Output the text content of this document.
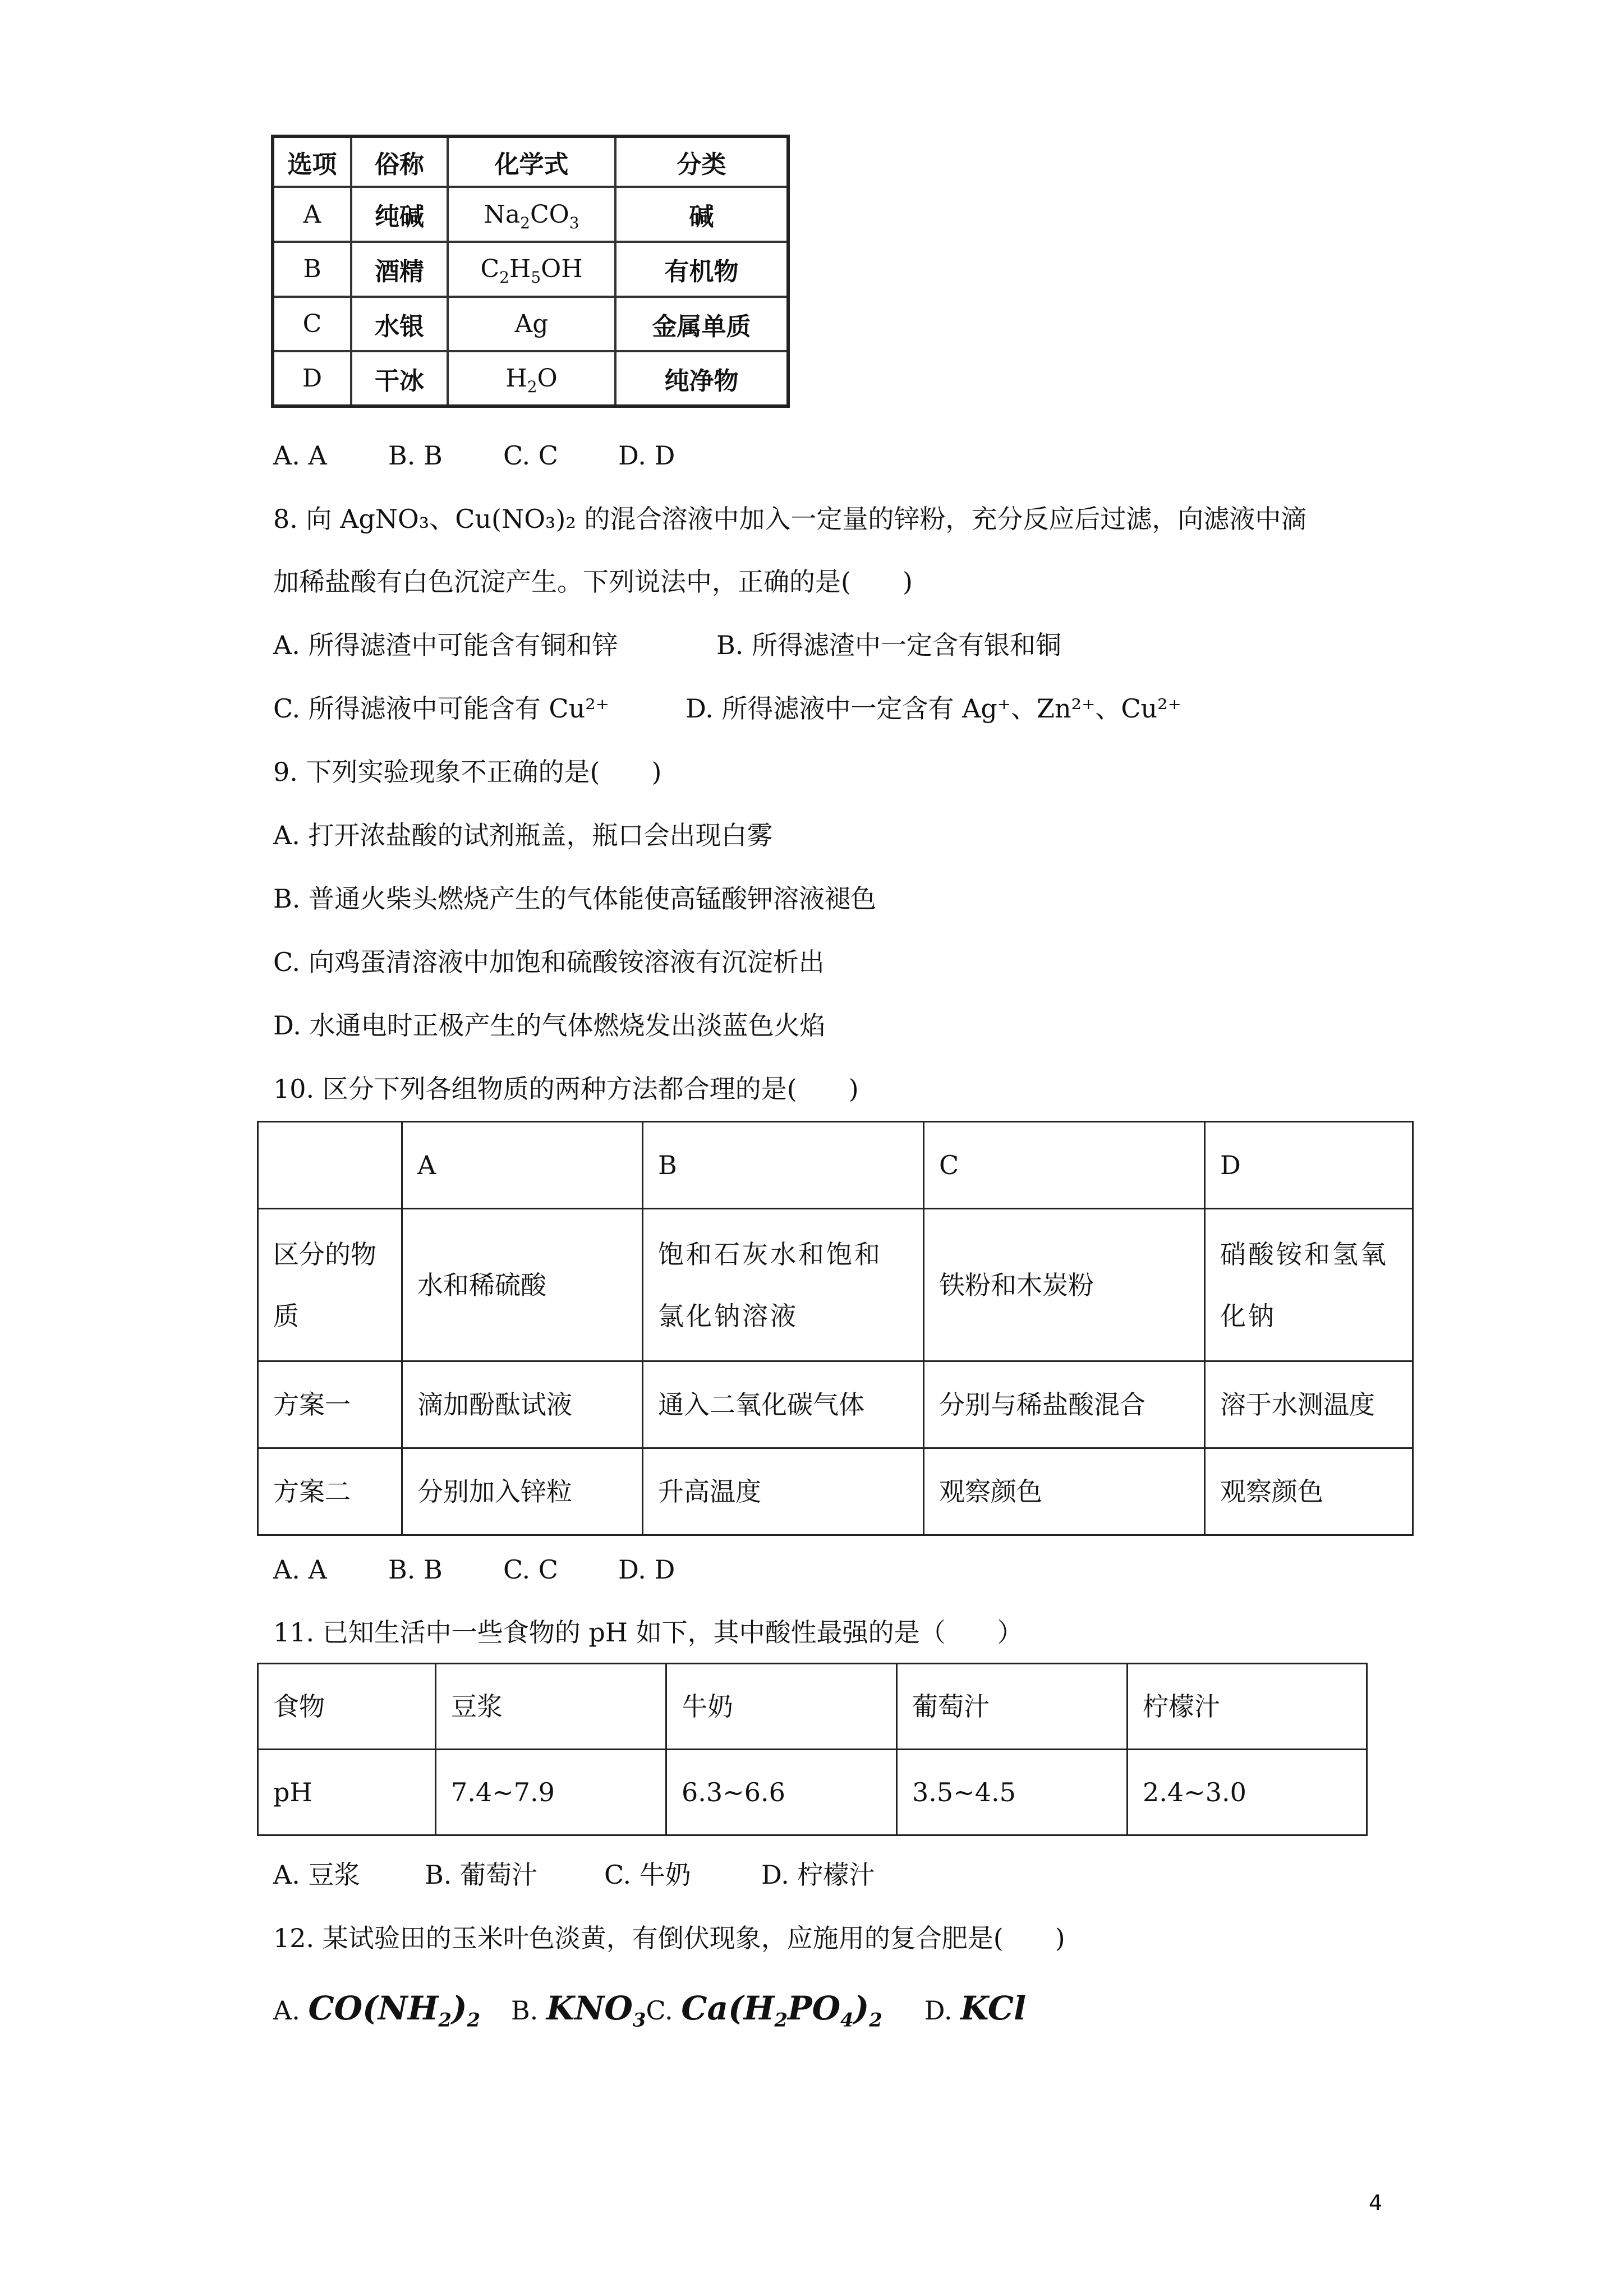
选项	俗称	化学式	分类
A	纯碱	$Na_2CO_3$	碱
B	酒精	$C_2H_5OH$	有机物
C	水银	Ag	金属单质
D	干冰	$H_2O$	纯净物
A. A B. B C. C D. D
8. 向 AgNO₃、Cu(NO₃)₂ 的混合溶液中加入一定量的锌粉，充分反应后过滤，向滤液中滴
加稀盐酸有白色沉淀产生。下列说法中，正确的是(　　)
A. 所得滤渣中可能含有铜和锌	B. 所得滤渣中一定含有银和铜
C. 所得滤液中可能含有 Cu²⁺	D. 所得滤液中一定含有 Ag⁺、Zn²⁺、Cu²⁺
9. 下列实验现象不正确的是(　　)
A. 打开浓盐酸的试剂瓶盖，瓶口会出现白雾
B. 普通火柴头燃烧产生的气体能使高锰酸钾溶液褪色
C. 向鸡蛋清溶液中加饱和硫酸铵溶液有沉淀析出
D. 水通电时正极产生的气体燃烧发出淡蓝色火焰
10. 区分下列各组物质的两种方法都合理的是(　　)
	A	B	C	D
区分的物质	水和稀硫酸	饱和石灰水和饱和氯化钠溶液	铁粉和木炭粉	硝酸铵和氢氧化钠
方案一	滴加酚酞试液	通入二氧化碳气体	分别与稀盐酸混合	溶于水测温度
方案二	分别加入锌粒	升高温度	观察颜色	观察颜色
A. A B. B C. C D. D
11. 已知生活中一些食物的 pH 如下，其中酸性最强的是（　　）
食物	豆浆	牛奶	葡萄汁	柠檬汁
pH	7.4~7.9	6.3~6.6	3.5~4.5	2.4~3.0
A. 豆浆	B. 葡萄汁	C. 牛奶	D. 柠檬汁
12. 某试验田的玉米叶色淡黄，有倒伏现象，应施用的复合肥是(　　)
A. $CO(NH_2)_2$ B. $KNO_3C$. $Ca(H_2PO_4)_2$ D. KCl
4
